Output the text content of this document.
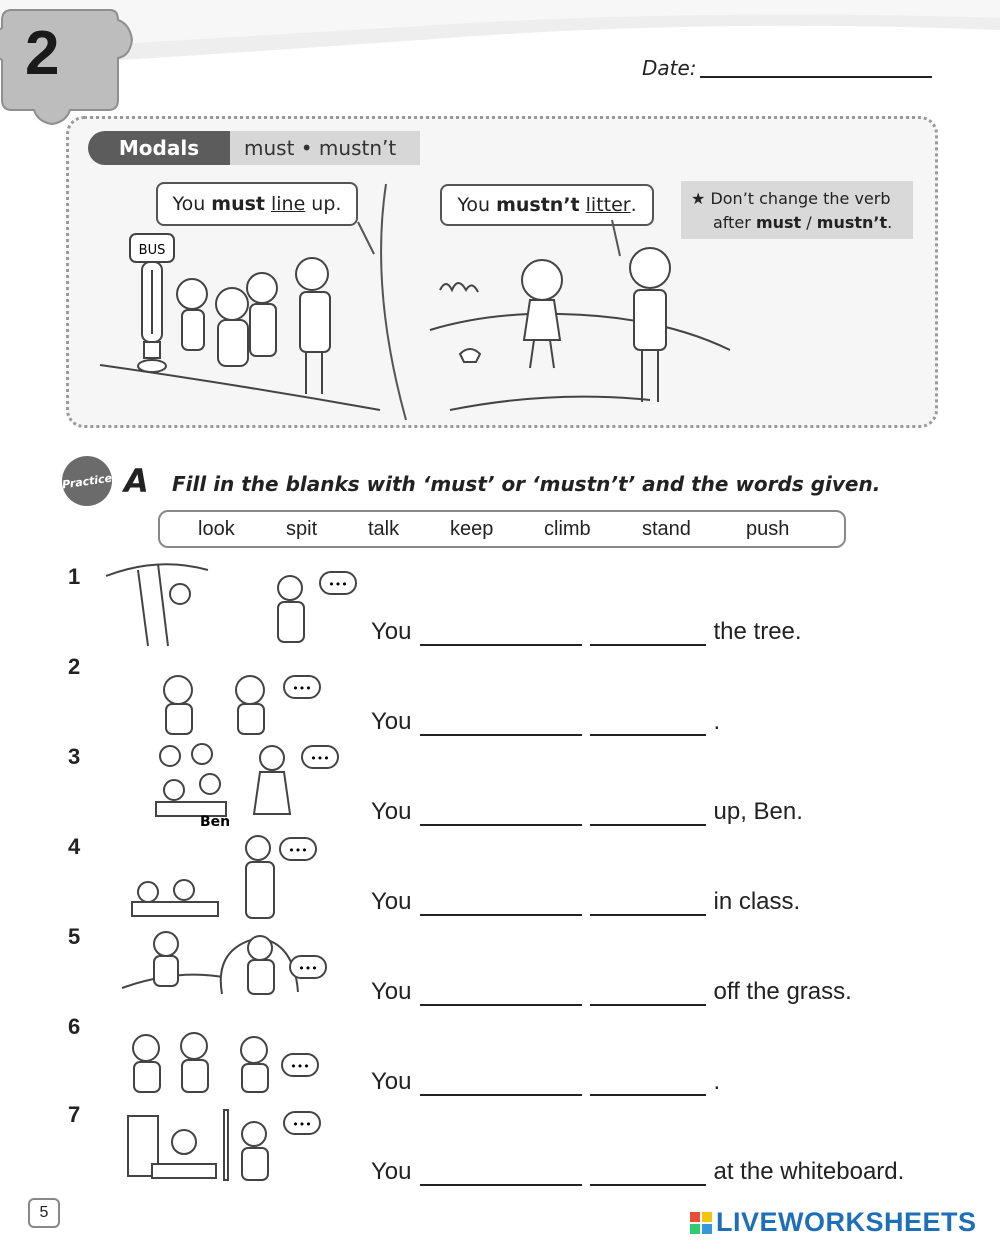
2	Date:
Modals	must • mustn’t
You must line up.	You mustn’t litter .	★ Don’t change the verb
after must / mustn’t.
BUS
Practice A Fill in the blanks with ‘must’ or ‘mustn’t’ and the words given.
look	spit	talk	keep	climb	stand	push
1	•••
You	the tree.
2
•••
You	.
3	•••
Ben	You	up, Ben.
4	•••
You	in class.
5
•••
You	off the grass.
6
•••
You	.
7	•••
You	at the whiteboard.
5	LIVEWORKSHEETS
